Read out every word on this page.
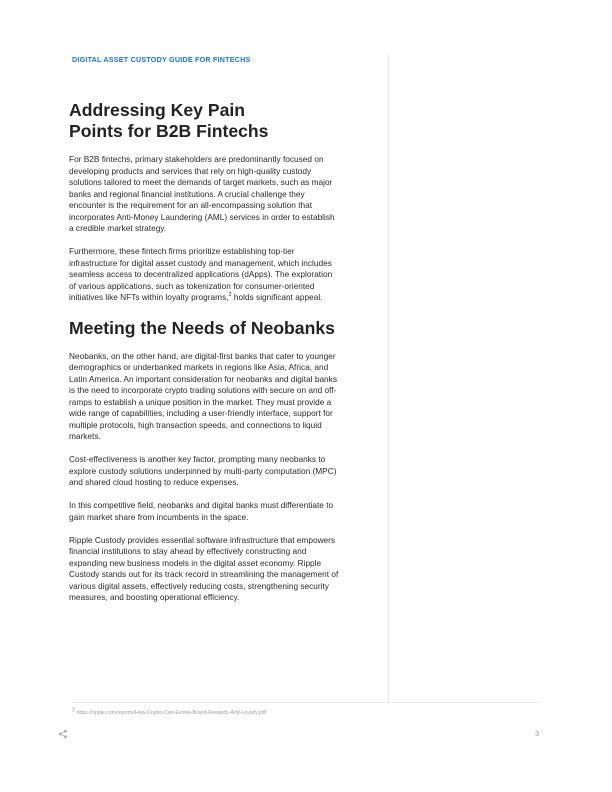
DIGITAL ASSET CUSTODY GUIDE FOR FINTECHS
Addressing Key Pain
Points for B2B Fintechs

For B2B fintechs, primary stakeholders are predominantly focused on developing products and services that rely on high-quality custody solutions tailored to meet the demands of target markets, such as major banks and regional financial institutions. A crucial challenge they encounter is the requirement for an all-encompassing solution that incorporates Anti-Money Laundering (AML) services in order to establish a credible market strategy.

Furthermore, these fintech firms prioritize establishing top-tier infrastructure for digital asset custody and management, which includes seamless access to decentralized applications (dApps). The exploration of various applications, such as tokenization for consumer-oriented initiatives like NFTs within loyalty programs,$^2$ holds significant appeal.

Meeting the Needs of Neobanks

Neobanks, on the other hand, are digital-first banks that cater to younger demographics or underbanked markets in regions like Asia, Africa, and Latin America. An important consideration for neobanks and digital banks is the need to incorporate crypto trading solutions with secure on and off-ramps to establish a unique position in the market. They must provide a wide range of capabilities, including a user-friendly interface, support for multiple protocols, high transaction speeds, and connections to liquid markets.

Cost-effectiveness is another key factor, prompting many neobanks to explore custody solutions underpinned by multi-party computation (MPC) and shared cloud hosting to reduce expenses.

In this competitive field, neobanks and digital banks must differentiate to gain market share from incumbents in the space.

Ripple Custody provides essential software infrastructure that empowers financial institutions to stay ahead by effectively constructing and expanding new business models in the digital asset economy. Ripple Custody stands out for its track record in streamlining the management of various digital assets, effectively reducing costs, strengthening security measures, and boosting operational efficiency.

$^2$ https://ripple.com/reports/How-Crypto-Can-Evolve-Brand-Rewards-And-Loyalty.pdf
3
